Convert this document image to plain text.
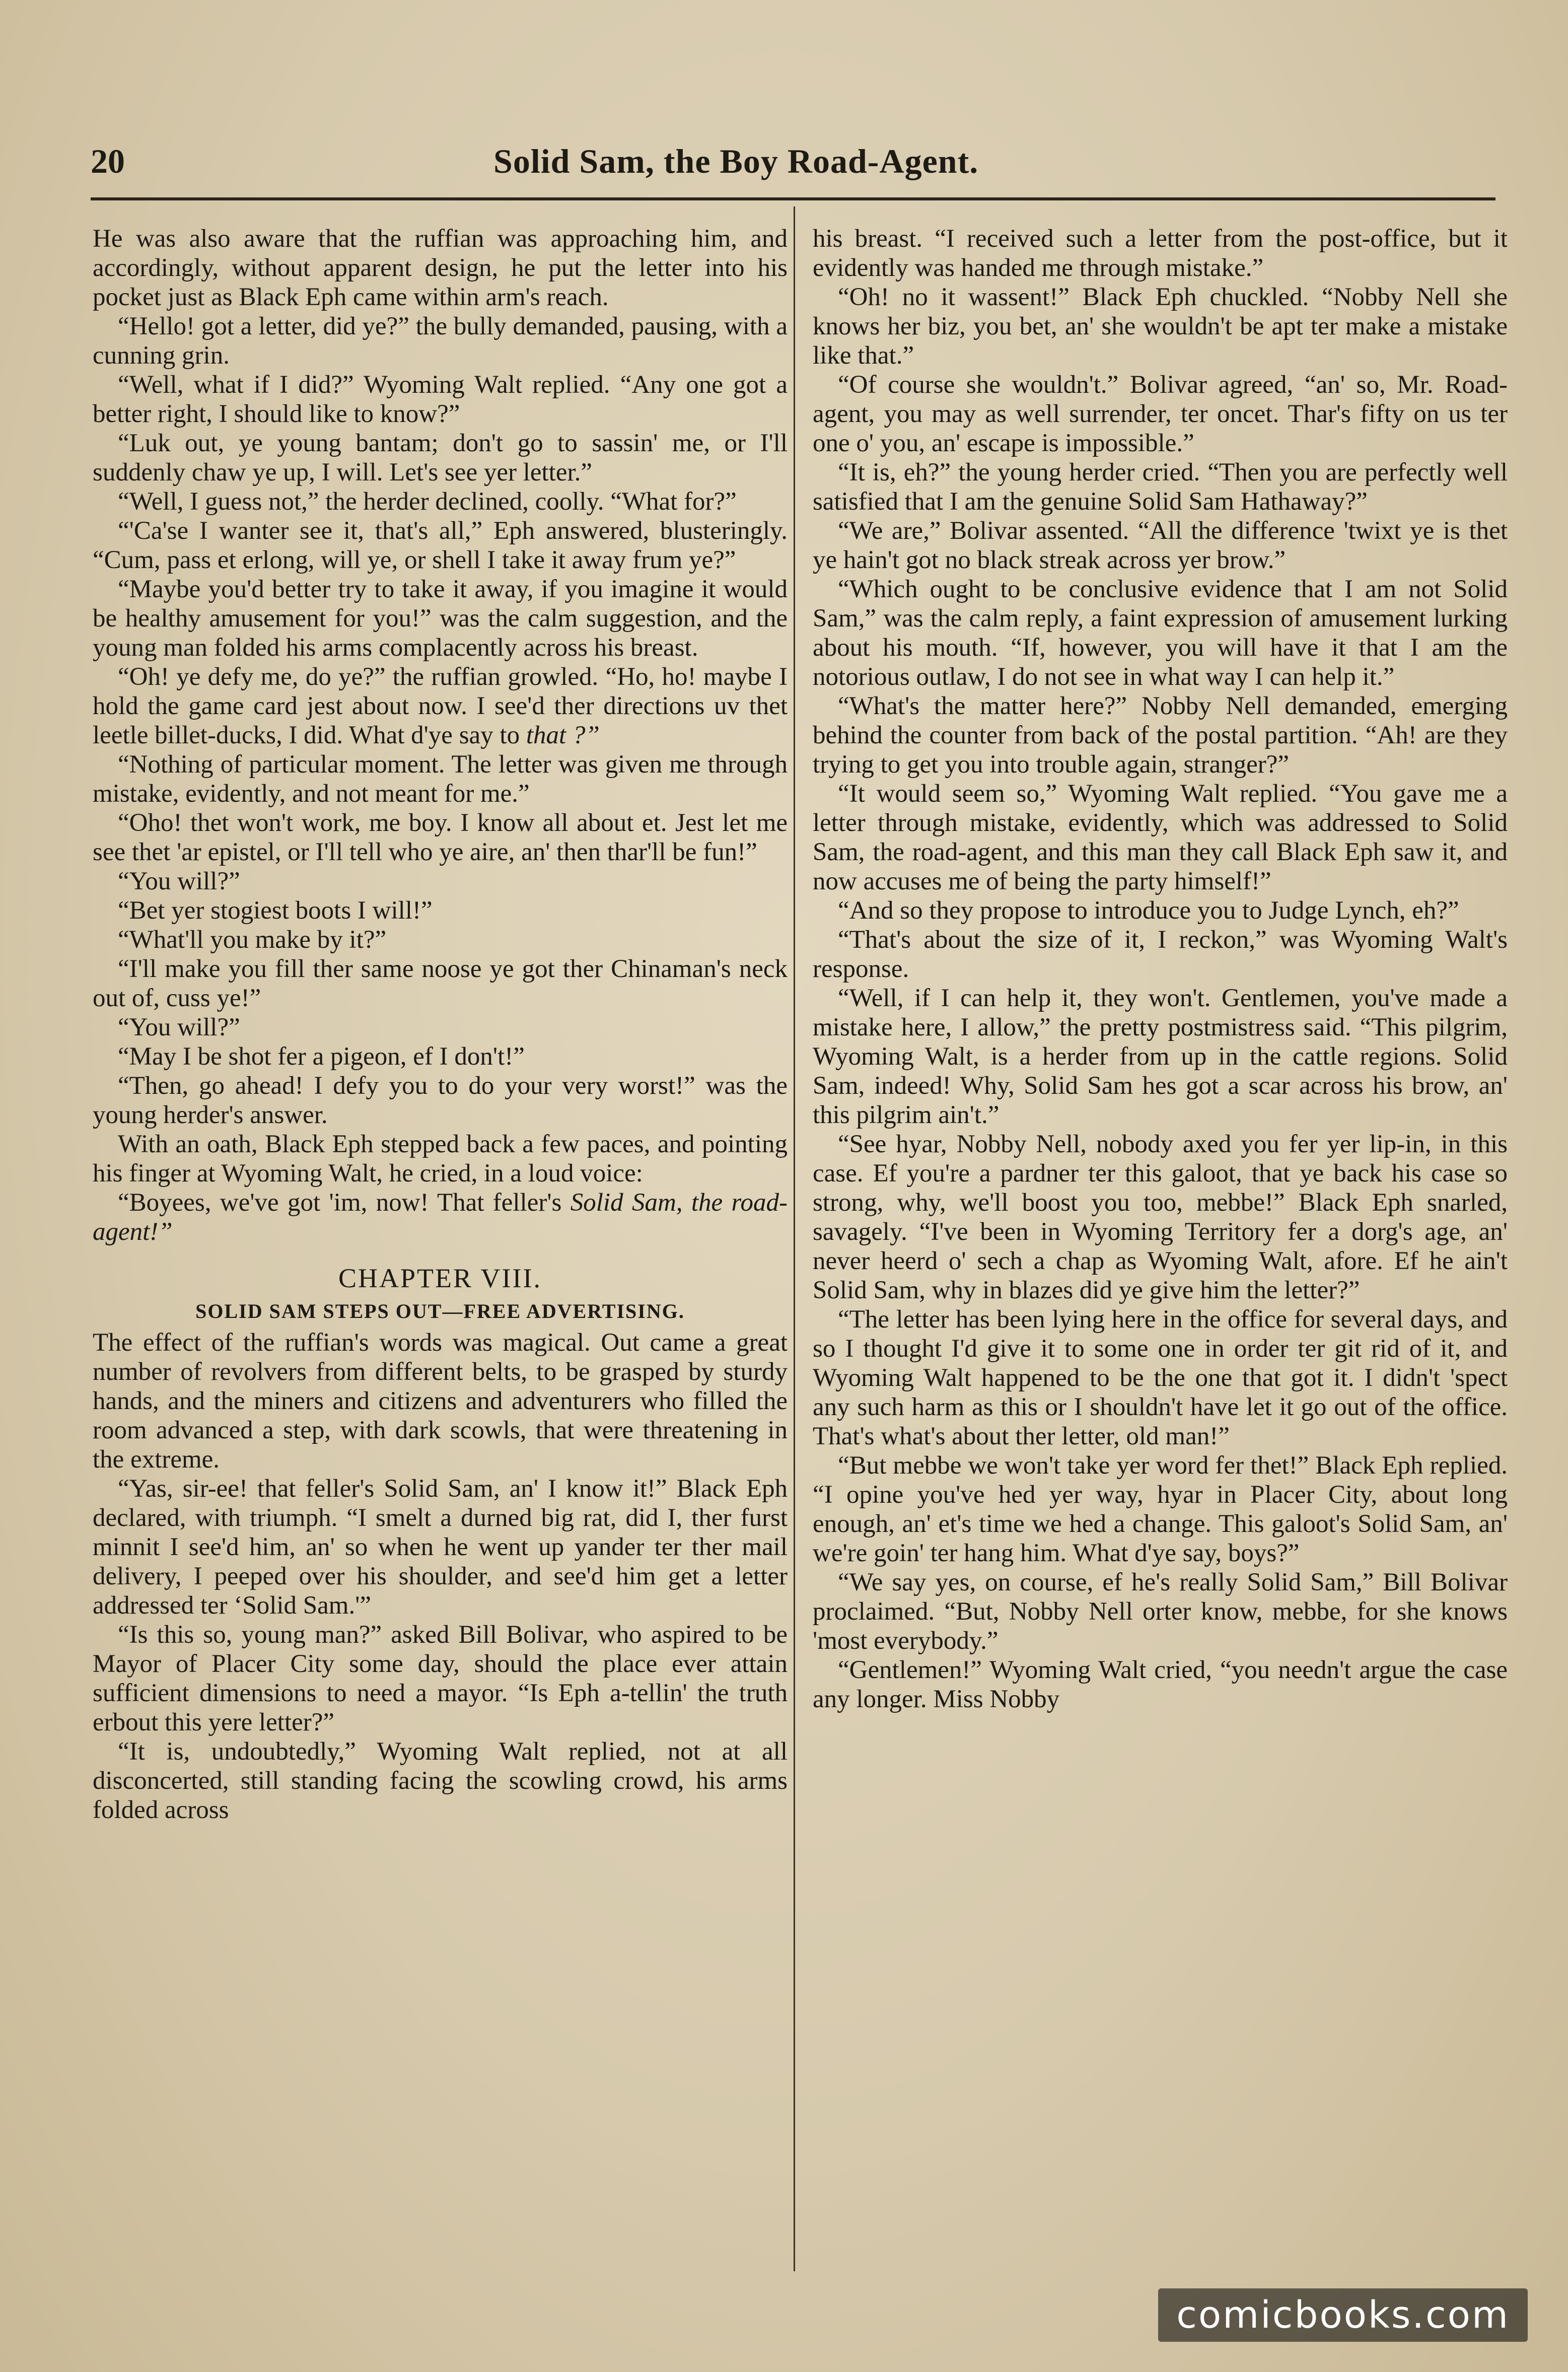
20	Solid Sam, the Boy Road-Agent.

He was also aware that the ruffian was approaching him, and accordingly, without apparent design, he put the letter into his pocket just as Black Eph came within arm's reach.

“Hello! got a letter, did ye?” the bully demanded, pausing, with a cunning grin.

“Well, what if I did?” Wyoming Walt replied. “Any one got a better right, I should like to know?”

“Luk out, ye young bantam; don't go to sassin' me, or I'll suddenly chaw ye up, I will. Let's see yer letter.”

“Well, I guess not,” the herder declined, coolly. “What for?”

“'Ca'se I wanter see it, that's all,” Eph answered, blusteringly. “Cum, pass et erlong, will ye, or shell I take it away frum ye?”

“Maybe you'd better try to take it away, if you imagine it would be healthy amusement for you!” was the calm suggestion, and the young man folded his arms complacently across his breast.

“Oh! ye defy me, do ye?” the ruffian growled. “Ho, ho! maybe I hold the game card jest about now. I see'd ther directions uv thet leetle billet-ducks, I did. What d'ye say to that ?”

“Nothing of particular moment. The letter was given me through mistake, evidently, and not meant for me.”

“Oho! thet won't work, me boy. I know all about et. Jest let me see thet 'ar epistel, or I'll tell who ye aire, an' then thar'll be fun!”

“You will?”

“Bet yer stogiest boots I will!”

“What'll you make by it?”

“I'll make you fill ther same noose ye got ther Chinaman's neck out of, cuss ye!”

“You will?”

“May I be shot fer a pigeon, ef I don't!”

“Then, go ahead! I defy you to do your very worst!” was the young herder's answer.

With an oath, Black Eph stepped back a few paces, and pointing his finger at Wyoming Walt, he cried, in a loud voice:

“Boyees, we've got 'im, now! That feller's Solid Sam, the road-agent!”

CHAPTER VIII.
SOLID SAM STEPS OUT—FREE ADVERTISING.

The effect of the ruffian's words was magical. Out came a great number of revolvers from different belts, to be grasped by sturdy hands, and the miners and citizens and adventurers who filled the room advanced a step, with dark scowls, that were threatening in the extreme.

“Yas, sir-ee! that feller's Solid Sam, an' I know it!” Black Eph declared, with triumph. “I smelt a durned big rat, did I, ther furst minnit I see'd him, an' so when he went up yander ter ther mail delivery, I peeped over his shoulder, and see'd him get a letter addressed ter ‘Solid Sam.'”

“Is this so, young man?” asked Bill Bolivar, who aspired to be Mayor of Placer City some day, should the place ever attain sufficient dimensions to need a mayor. “Is Eph a-tellin' the truth erbout this yere letter?”

“It is, undoubtedly,” Wyoming Walt replied, not at all disconcerted, still standing facing the scowling crowd, his arms folded across

his breast. “I received such a letter from the post-office, but it evidently was handed me through mistake.”

“Oh! no it wassent!” Black Eph chuckled. “Nobby Nell she knows her biz, you bet, an' she wouldn't be apt ter make a mistake like that.”

“Of course she wouldn't.” Bolivar agreed, “an' so, Mr. Road-agent, you may as well surrender, ter oncet. Thar's fifty on us ter one o' you, an' escape is impossible.”

“It is, eh?” the young herder cried. “Then you are perfectly well satisfied that I am the genuine Solid Sam Hathaway?”

“We are,” Bolivar assented. “All the difference 'twixt ye is thet ye hain't got no black streak across yer brow.”

“Which ought to be conclusive evidence that I am not Solid Sam,” was the calm reply, a faint expression of amusement lurking about his mouth. “If, however, you will have it that I am the notorious outlaw, I do not see in what way I can help it.”

“What's the matter here?” Nobby Nell demanded, emerging behind the counter from back of the postal partition. “Ah! are they trying to get you into trouble again, stranger?”

“It would seem so,” Wyoming Walt replied. “You gave me a letter through mistake, evidently, which was addressed to Solid Sam, the road-agent, and this man they call Black Eph saw it, and now accuses me of being the party himself!”

“And so they propose to introduce you to Judge Lynch, eh?”

“That's about the size of it, I reckon,” was Wyoming Walt's response.

“Well, if I can help it, they won't. Gentlemen, you've made a mistake here, I allow,” the pretty postmistress said. “This pilgrim, Wyoming Walt, is a herder from up in the cattle regions. Solid Sam, indeed! Why, Solid Sam hes got a scar across his brow, an' this pilgrim ain't.”

“See hyar, Nobby Nell, nobody axed you fer yer lip-in, in this case. Ef you're a pardner ter this galoot, that ye back his case so strong, why, we'll boost you too, mebbe!” Black Eph snarled, savagely. “I've been in Wyoming Territory fer a dorg's age, an' never heerd o' sech a chap as Wyoming Walt, afore. Ef he ain't Solid Sam, why in blazes did ye give him the letter?”

“The letter has been lying here in the office for several days, and so I thought I'd give it to some one in order ter git rid of it, and Wyoming Walt happened to be the one that got it. I didn't 'spect any such harm as this or I shouldn't have let it go out of the office. That's what's about ther letter, old man!”

“But mebbe we won't take yer word fer thet!” Black Eph replied. “I opine you've hed yer way, hyar in Placer City, about long enough, an' et's time we hed a change. This galoot's Solid Sam, an' we're goin' ter hang him. What d'ye say, boys?”

“We say yes, on course, ef he's really Solid Sam,” Bill Bolivar proclaimed. “But, Nobby Nell orter know, mebbe, for she knows 'most everybody.”

“Gentlemen!” Wyoming Walt cried, “you needn't argue the case any longer. Miss Nobby

comicbooks.com
